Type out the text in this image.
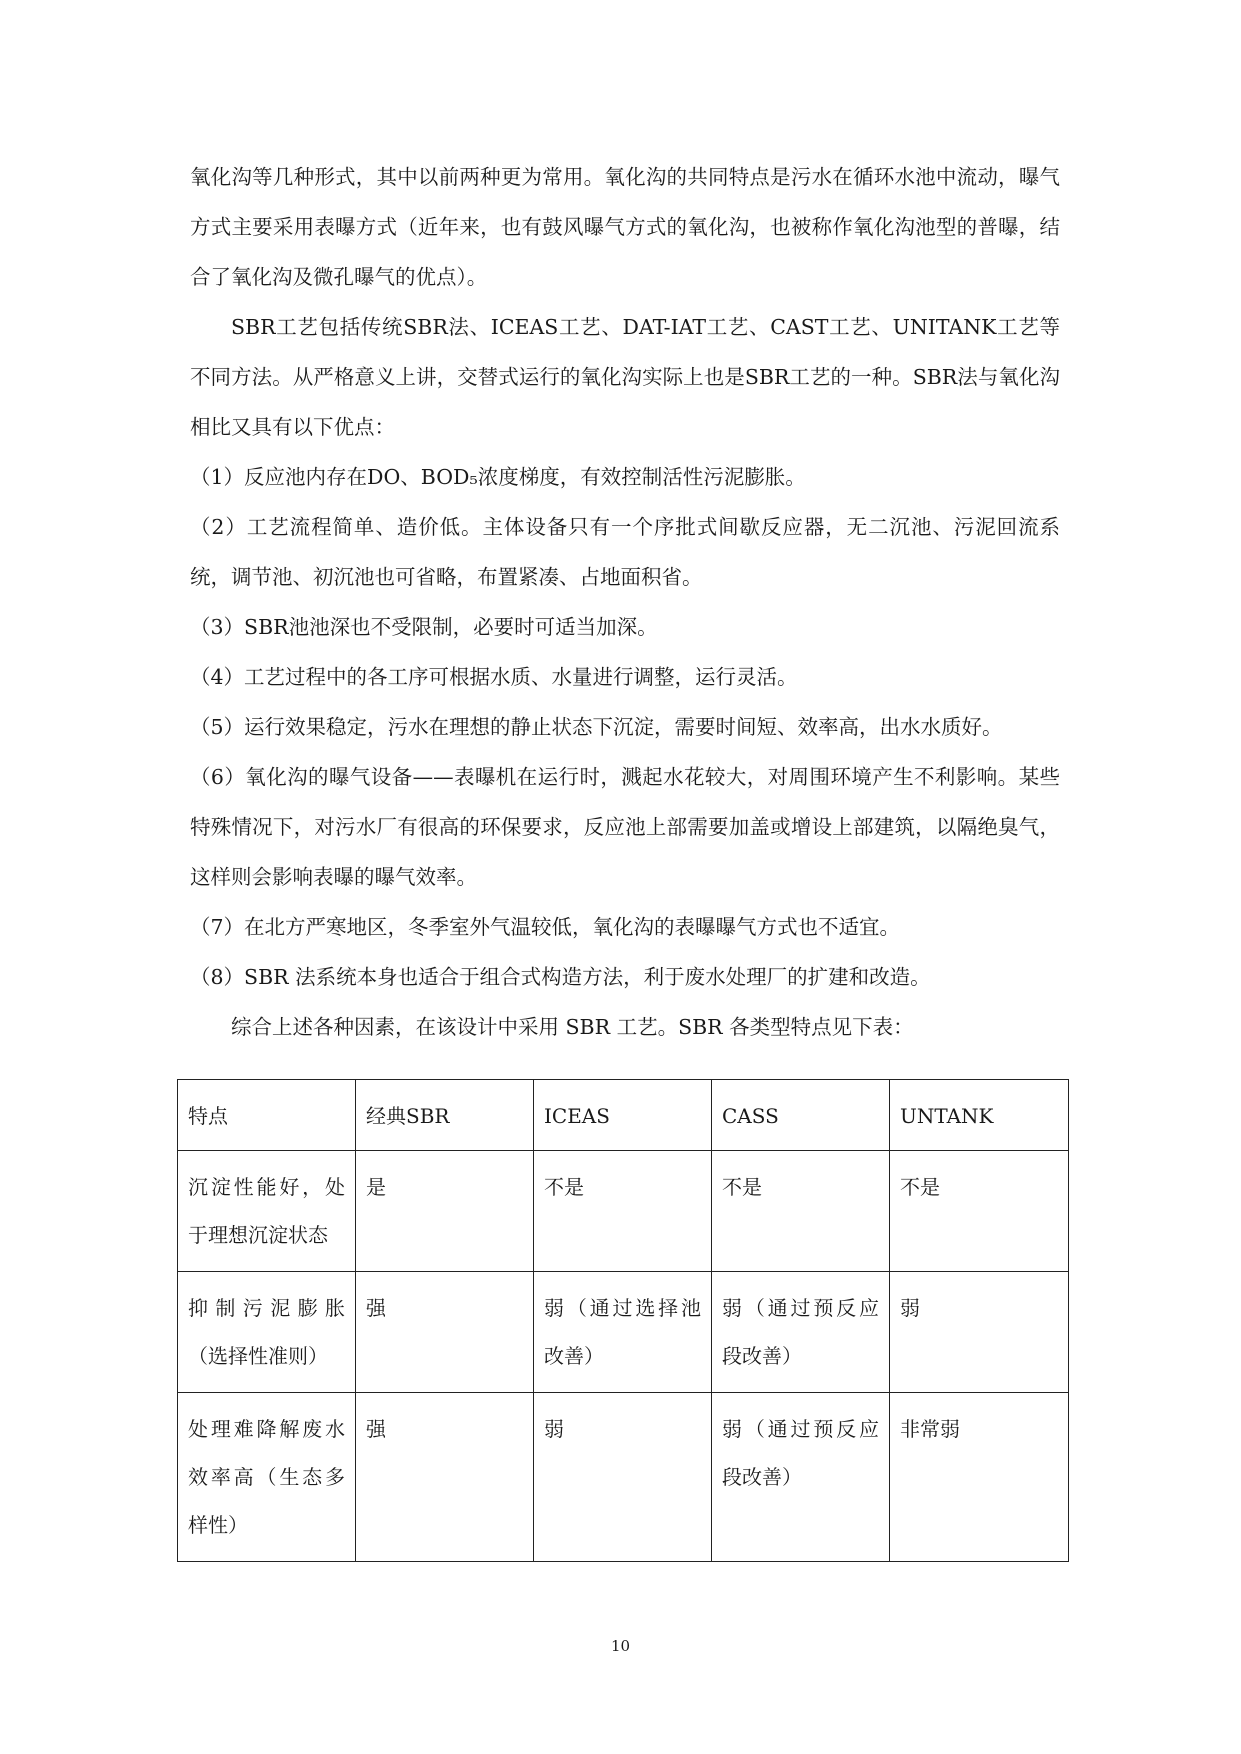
氧化沟等几种形式，其中以前两种更为常用。氧化沟的共同特点是污水在循环水池中流动，曝气方式主要采用表曝方式（近年来，也有鼓风曝气方式的氧化沟，也被称作氧化沟池型的普曝，结合了氧化沟及微孔曝气的优点）。

SBR工艺包括传统SBR法、ICEAS工艺、DAT-IAT工艺、CAST工艺、UNITANK工艺等不同方法。从严格意义上讲，交替式运行的氧化沟实际上也是SBR工艺的一种。SBR法与氧化沟相比又具有以下优点：

（1）反应池内存在DO、BOD₅浓度梯度，有效控制活性污泥膨胀。

（2）工艺流程简单、造价低。主体设备只有一个序批式间歇反应器，无二沉池、污泥回流系统，调节池、初沉池也可省略，布置紧凑、占地面积省。

（3）SBR池池深也不受限制，必要时可适当加深。

（4）工艺过程中的各工序可根据水质、水量进行调整，运行灵活。

（5）运行效果稳定，污水在理想的静止状态下沉淀，需要时间短、效率高，出水水质好。

（6）氧化沟的曝气设备——表曝机在运行时，溅起水花较大，对周围环境产生不利影响。某些特殊情况下，对污水厂有很高的环保要求，反应池上部需要加盖或增设上部建筑，以隔绝臭气，这样则会影响表曝的曝气效率。

（7）在北方严寒地区，冬季室外气温较低，氧化沟的表曝曝气方式也不适宜。

（8）SBR 法系统本身也适合于组合式构造方法，利于废水处理厂的扩建和改造。

综合上述各种因素，在该设计中采用 SBR 工艺。SBR 各类型特点见下表：

特点	经典SBR	ICEAS	CASS	UNTANK
沉淀性能好，处于理想沉淀状态	是	不是	不是	不是
抑制污泥膨胀（选择性准则）	强	弱（通过选择池改善）	弱（通过预反应段改善）	弱
处理难降解废水效率高（生态多样性）	强	弱	弱（通过预反应段改善）	非常弱
10
